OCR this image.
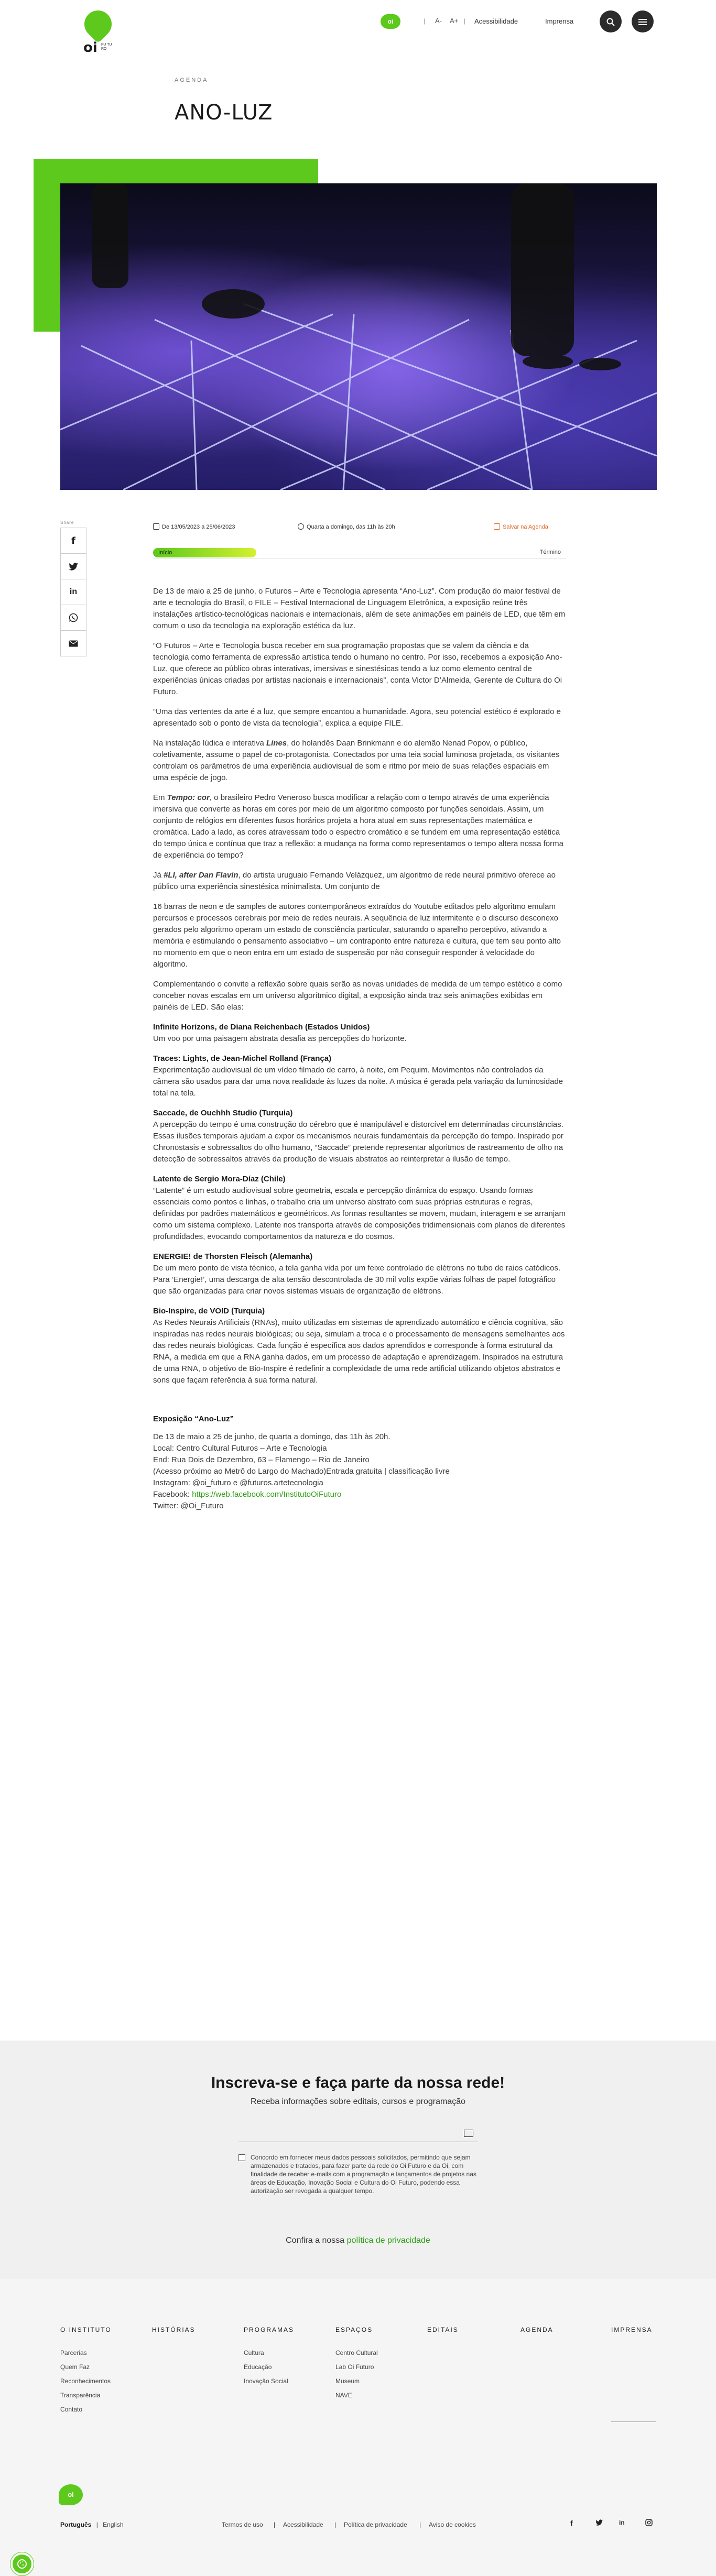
oi FU TU RO
oi	| A- A+ | Acessibilidade	Imprensa
AGENDA
ANO-LUZ
Share
f
in
De 13/05/2023 a 25/06/2023	Quarta a domingo, das 11h às 20h	Salvar na Agenda
Início	Término

De 13 de maio a 25 de junho, o Futuros – Arte e Tecnologia apresenta “Ano-Luz”. Com produção do maior festival de arte e tecnologia do Brasil, o FILE – Festival Internacional de Linguagem Eletrônica, a exposição reúne três instalações artístico-tecnológicas nacionais e internacionais, além de sete animações em painéis de LED, que têm em comum o uso da tecnologia na exploração estética da luz.

“O Futuros – Arte e Tecnologia busca receber em sua programação propostas que se valem da ciência e da tecnologia como ferramenta de expressão artística tendo o humano no centro. Por isso, recebemos a exposição Ano-Luz, que oferece ao público obras interativas, imersivas e sinestésicas tendo a luz como elemento central de experiências únicas criadas por artistas nacionais e internacionais”, conta Victor D’Almeida, Gerente de Cultura do Oi Futuro.

“Uma das vertentes da arte é a luz, que sempre encantou a humanidade. Agora, seu potencial estético é explorado e apresentado sob o ponto de vista da tecnologia”, explica a equipe FILE.

Na instalação lúdica e interativa Lines, do holandês Daan Brinkmann e do alemão Nenad Popov, o público, coletivamente, assume o papel de co-protagonista. Conectados por uma teia social luminosa projetada, os visitantes controlam os parâmetros de uma experiência audiovisual de som e ritmo por meio de suas relações espaciais em uma espécie de jogo.

Em Tempo: cor, o brasileiro Pedro Veneroso busca modificar a relação com o tempo através de uma experiência imersiva que converte as horas em cores por meio de um algoritmo composto por funções senoidais. Assim, um conjunto de relógios em diferentes fusos horários projeta a hora atual em suas representações matemática e cromática. Lado a lado, as cores atravessam todo o espectro cromático e se fundem em uma representação estética do tempo única e contínua que traz a reflexão: a mudança na forma como representamos o tempo altera nossa forma de experiência do tempo?

Já #LI, after Dan Flavin, do artista uruguaio Fernando Velázquez, um algoritmo de rede neural primitivo oferece ao público uma experiência sinestésica minimalista. Um conjunto de

16 barras de neon e de samples de autores contemporâneos extraídos do Youtube editados pelo algoritmo emulam percursos e processos cerebrais por meio de redes neurais. A sequência de luz intermitente e o discurso desconexo gerados pelo algoritmo operam um estado de consciência particular, saturando o aparelho perceptivo, ativando a memória e estimulando o pensamento associativo – um contraponto entre natureza e cultura, que tem seu ponto alto no momento em que o neon entra em um estado de suspensão por não conseguir responder à velocidade do algoritmo.

Complementando o convite a reflexão sobre quais serão as novas unidades de medida de um tempo estético e como conceber novas escalas em um universo algorítmico digital, a exposição ainda traz seis animações exibidas em painéis de LED. São elas:

Infinite Horizons, de Diana Reichenbach (Estados Unidos)

Um voo por uma paisagem abstrata desafia as percepções do horizonte.

Traces: Lights, de Jean-Michel Rolland (França)

Experimentação audiovisual de um vídeo filmado de carro, à noite, em Pequim. Movimentos não controlados da câmera são usados para dar uma nova realidade às luzes da noite. A música é gerada pela variação da luminosidade total na tela.

Saccade, de Ouchhh Studio (Turquia)

A percepção do tempo é uma construção do cérebro que é manipulável e distorcível em determinadas circunstâncias. Essas ilusões temporais ajudam a expor os mecanismos neurais fundamentais da percepção do tempo. Inspirado por Chronostasis e sobressaltos do olho humano, “Saccade” pretende representar algoritmos de rastreamento de olho na detecção de sobressaltos através da produção de visuais abstratos ao reinterpretar a ilusão de tempo.

Latente de Sergio Mora-Díaz (Chile)

“Latente” é um estudo audiovisual sobre geometria, escala e percepção dinâmica do espaço. Usando formas essenciais como pontos e linhas, o trabalho cria um universo abstrato com suas próprias estruturas e regras, definidas por padrões matemáticos e geométricos. As formas resultantes se movem, mudam, interagem e se arranjam como um sistema complexo. Latente nos transporta através de composições tridimensionais com planos de diferentes profundidades, evocando comportamentos da natureza e do cosmos.

ENERGIE! de Thorsten Fleisch (Alemanha)

De um mero ponto de vista técnico, a tela ganha vida por um feixe controlado de elétrons no tubo de raios catódicos. Para ‘Energie!’, uma descarga de alta tensão descontrolada de 30 mil volts expõe várias folhas de papel fotográfico que são organizadas para criar novos sistemas visuais de organização de elétrons.

Bio-Inspire, de VOID (Turquia)

As Redes Neurais Artificiais (RNAs), muito utilizadas em sistemas de aprendizado automático e ciência cognitiva, são inspiradas nas redes neurais biológicas; ou seja, simulam a troca e o processamento de mensagens semelhantes aos das redes neurais biológicas. Cada função é específica aos dados aprendidos e corresponde à forma estrutural da RNA, a medida em que a RNA ganha dados, em um processo de adaptação e aprendizagem. Inspirados na estrutura de uma RNA, o objetivo de Bio-Inspire é redefinir a complexidade de uma rede artificial utilizando objetos abstratos e sons que façam referência à sua forma natural.

Exposição “Ano-Luz”

De 13 de maio a 25 de junho, de quarta a domingo, das 11h às 20h.
Local: Centro Cultural Futuros – Arte e Tecnologia
End: Rua Dois de Dezembro, 63 – Flamengo – Rio de Janeiro
(Acesso próximo ao Metrô do Largo do Machado)Entrada gratuita | classificação livre
Instagram: @oi_futuro e @futuros.artetecnologia
Facebook: https://web.facebook.com/InstitutoOiFuturo
Twitter: @Oi_Futuro
Inscreva-se e faça parte da nossa rede!
Receba informações sobre editais, cursos e programação

Concordo em fornecer meus dados pessoais solicitados, permitindo que sejam armazenados e tratados, para fazer parte da rede do Oi Futuro e da Oi, com finalidade de receber e-mails com a programação e lançamentos de projetos nas áreas de Educação, Inovação Social e Cultura do Oi Futuro, podendo essa autorização ser revogada a qualquer tempo.

Confira a nossa política de privacidade
O INSTITUTO
Parcerias
Quem Faz
Reconhecimentos
Transparência
Contato
HISTÓRIAS	PROGRAMAS
Cultura
Educação
Inovação Social
ESPAÇOS
Centro Cultural
Lab Oi Futuro
Museum
NAVE
EDITAIS	AGENDA	IMPRENSA
oi
Português | English	Termos de uso | Acessibilidade | Política de privacidade | Aviso de cookies	f	in
